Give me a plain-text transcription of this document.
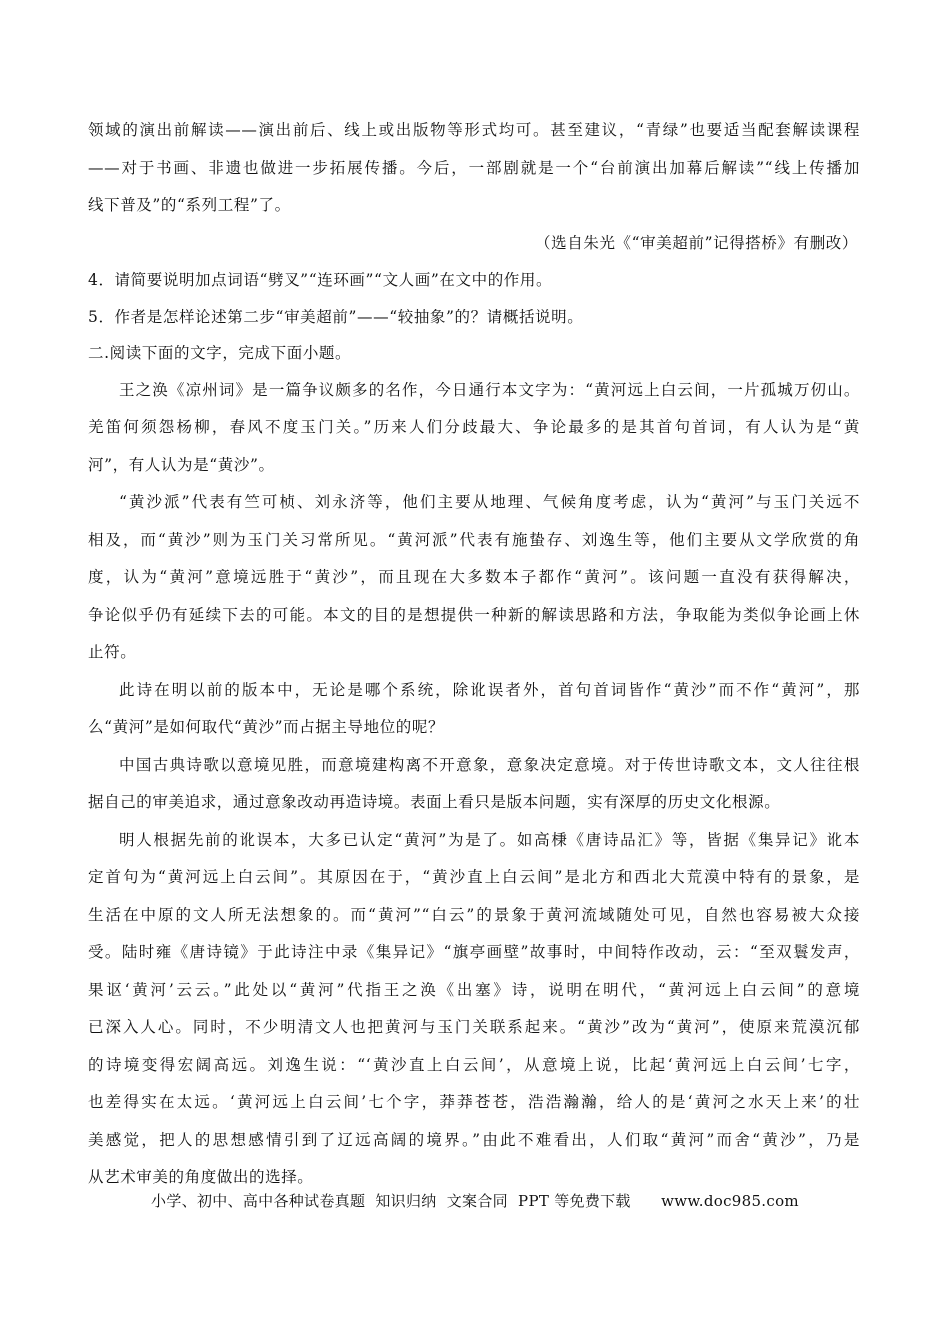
领域的演出前解读——演出前后、线上或出版物等形式均可。甚至建议，“青绿”也要适当配套解读课程
——对于书画、非遗也做进一步拓展传播。今后，一部剧就是一个“台前演出加幕后解读”“线上传播加
线下普及”的“系列工程”了。
（选自朱光《“审美超前”记得搭桥》有删改）
4．请简要说明加点词语“劈叉”“连环画”“文人画”在文中的作用。
5．作者是怎样论述第二步“审美超前”——“较抽象”的？请概括说明。
二.阅读下面的文字，完成下面小题。
王之涣《凉州词》是一篇争议颇多的名作，今日通行本文字为：“黄河远上白云间，一片孤城万仞山。
羌笛何须怨杨柳，春风不度玉门关。”历来人们分歧最大、争论最多的是其首句首词，有人认为是“黄
河”，有人认为是“黄沙”。
“黄沙派”代表有竺可桢、刘永济等，他们主要从地理、气候角度考虑，认为“黄河”与玉门关远不
相及，而“黄沙”则为玉门关习常所见。“黄河派”代表有施蛰存、刘逸生等，他们主要从文学欣赏的角
度，认为“黄河”意境远胜于“黄沙”，而且现在大多数本子都作“黄河”。该问题一直没有获得解决，
争论似乎仍有延续下去的可能。本文的目的是想提供一种新的解读思路和方法，争取能为类似争论画上休
止符。
此诗在明以前的版本中，无论是哪个系统，除讹误者外，首句首词皆作“黄沙”而不作“黄河”，那
么“黄河”是如何取代“黄沙”而占据主导地位的呢？
中国古典诗歌以意境见胜，而意境建构离不开意象，意象决定意境。对于传世诗歌文本，文人往往根
据自己的审美追求，通过意象改动再造诗境。表面上看只是版本问题，实有深厚的历史文化根源。
明人根据先前的讹误本，大多已认定“黄河”为是了。如高棅《唐诗品汇》等，皆据《集异记》讹本
定首句为“黄河远上白云间”。其原因在于，“黄沙直上白云间”是北方和西北大荒漠中特有的景象，是
生活在中原的文人所无法想象的。而“黄河”“白云”的景象于黄河流域随处可见，自然也容易被大众接
受。陆时雍《唐诗镜》于此诗注中录《集异记》“旗亭画壁”故事时，中间特作改动，云：“至双鬟发声，
果讴‘黄河’云云。”此处以“黄河”代指王之涣《出塞》诗，说明在明代，“黄河远上白云间”的意境
已深入人心。同时，不少明清文人也把黄河与玉门关联系起来。“黄沙”改为“黄河”，使原来荒漠沉郁
的诗境变得宏阔高远。刘逸生说：“‘黄沙直上白云间’，从意境上说，比起‘黄河远上白云间’七字，
也差得实在太远。‘黄河远上白云间’七个字，莽莽苍苍，浩浩瀚瀚，给人的是‘黄河之水天上来’的壮
美感觉，把人的思想感情引到了辽远高阔的境界。”由此不难看出，人们取“黄河”而舍“黄沙”，乃是
从艺术审美的角度做出的选择。
小学、初中、高中各种试卷真题  知识归纳  文案合同  PPT 等免费下载 www.doc985.com
